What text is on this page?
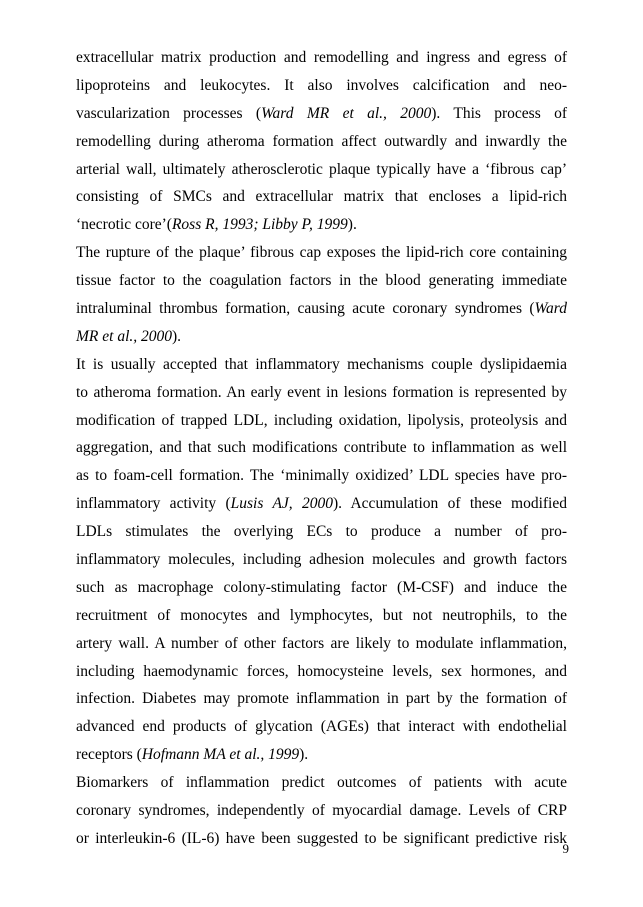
extracellular matrix production and remodelling and ingress and egress of
lipoproteins and leukocytes. It also involves calcification and neo-
vascularization processes (Ward MR et al., 2000). This process of
remodelling during atheroma formation affect outwardly and inwardly the
arterial wall, ultimately atherosclerotic plaque typically have a ‘fibrous cap’
consisting of SMCs and extracellular matrix that encloses a lipid-rich
‘necrotic core’(Ross R, 1993; Libby P, 1999).
The rupture of the plaque’ fibrous cap exposes the lipid-rich core containing
tissue factor to the coagulation factors in the blood generating immediate
intraluminal thrombus formation, causing acute coronary syndromes (Ward
MR et al., 2000).
It is usually accepted that inflammatory mechanisms couple dyslipidaemia
to atheroma formation. An early event in lesions formation is represented by
modification of trapped LDL, including oxidation, lipolysis, proteolysis and
aggregation, and that such modifications contribute to inflammation as well
as to foam-cell formation. The ‘minimally oxidized’ LDL species have pro-
inflammatory activity (Lusis AJ, 2000). Accumulation of these modified
LDLs stimulates the overlying ECs to produce a number of pro-
inflammatory molecules, including adhesion molecules and growth factors
such as macrophage colony-stimulating factor (M-CSF) and induce the
recruitment of monocytes and lymphocytes, but not neutrophils, to the
artery wall. A number of other factors are likely to modulate inflammation,
including haemodynamic forces, homocysteine levels, sex hormones, and
infection. Diabetes may promote inflammation in part by the formation of
advanced end products of glycation (AGEs) that interact with endothelial
receptors (Hofmann MA et al., 1999).
Biomarkers of inflammation predict outcomes of patients with acute
coronary syndromes, independently of myocardial damage. Levels of CRP
or interleukin-6 (IL-6) have been suggested to be significant predictive risk
9
